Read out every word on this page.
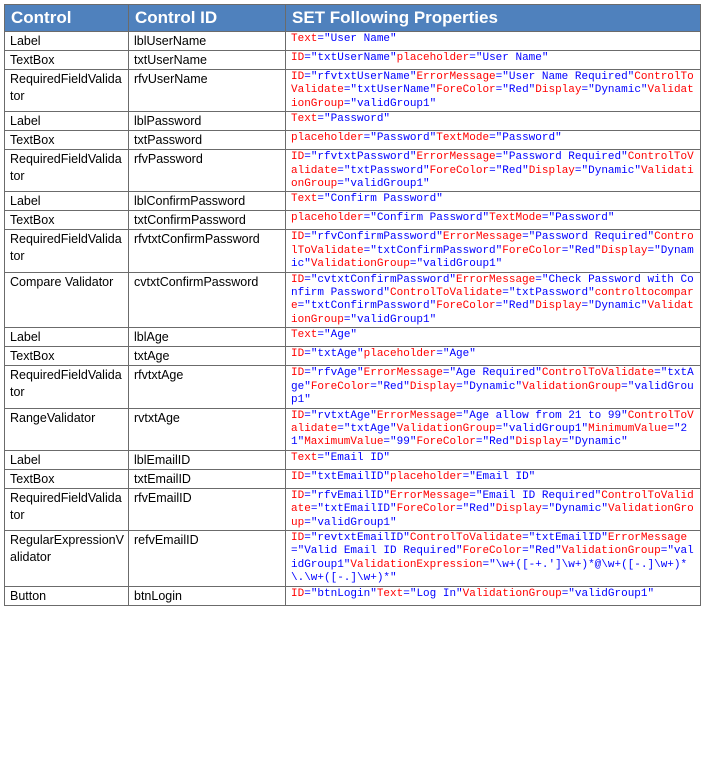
Control	Control ID	SET Following Properties
Label	lblUserName	Text="User Name"
TextBox	txtUserName	ID="txtUserName"placeholder="User Name"
RequiredFieldValidator	rfvUserName	ID="rfvtxtUserName"ErrorMessage="User Name Required"ControlToValidate="txtUserName"ForeColor="Red"Display="Dynamic"ValidationGroup="validGroup1"
Label	lblPassword	Text="Password"
TextBox	txtPassword	placeholder="Password"TextMode="Password"
RequiredFieldValidator	rfvPassword	ID="rfvtxtPassword"ErrorMessage="Password Required"ControlToValidate="txtPassword"ForeColor="Red"Display="Dynamic"ValidationGroup="validGroup1"
Label	lblConfirmPassword	Text="Confirm Password"
TextBox	txtConfirmPassword	placeholder="Confirm Password"TextMode="Password"
RequiredFieldValidator	rfvtxtConfirmPassword	ID="rfvConfirmPassword"ErrorMessage="Password Required"ControlToValidate="txtConfirmPassword"ForeColor="Red"Display="Dynamic"ValidationGroup="validGroup1"
Compare Validator	cvtxtConfirmPassword	ID="cvtxtConfirmPassword"ErrorMessage="Check Password with Confirm Password"ControlToValidate="txtPassword"controltocompare="txtConfirmPassword"ForeColor="Red"Display="Dynamic"ValidationGroup="validGroup1"
Label	lblAge	Text="Age"
TextBox	txtAge	ID="txtAge"placeholder="Age"
RequiredFieldValidator	rfvtxtAge	ID="rfvAge"ErrorMessage="Age Required"ControlToValidate="txtAge"ForeColor="Red"Display="Dynamic"ValidationGroup="validGroup1"
RangeValidator	rvtxtAge	ID="rvtxtAge"ErrorMessage="Age allow from 21 to 99"ControlToValidate="txtAge"ValidationGroup="validGroup1"MinimumValue="21"MaximumValue="99"ForeColor="Red"Display="Dynamic"
Label	lblEmailID	Text="Email ID"
TextBox	txtEmailID	ID="txtEmailID"placeholder="Email ID"
RequiredFieldValidator	rfvEmailID	ID="rfvEmailID"ErrorMessage="Email ID Required"ControlToValidate="txtEmailID"ForeColor="Red"Display="Dynamic"ValidationGroup="validGroup1"
RegularExpressionValidator	refvEmailID	ID="revtxtEmailID"ControlToValidate="txtEmailID"ErrorMessage="Valid Email ID Required"ForeColor="Red"ValidationGroup="validGroup1"ValidationExpression="\w+([-+.']\w+)*@\w+([-.]\w+)*\.\w+([-.]\w+)*"
Button	btnLogin	ID="btnLogin"Text="Log In"ValidationGroup="validGroup1"
